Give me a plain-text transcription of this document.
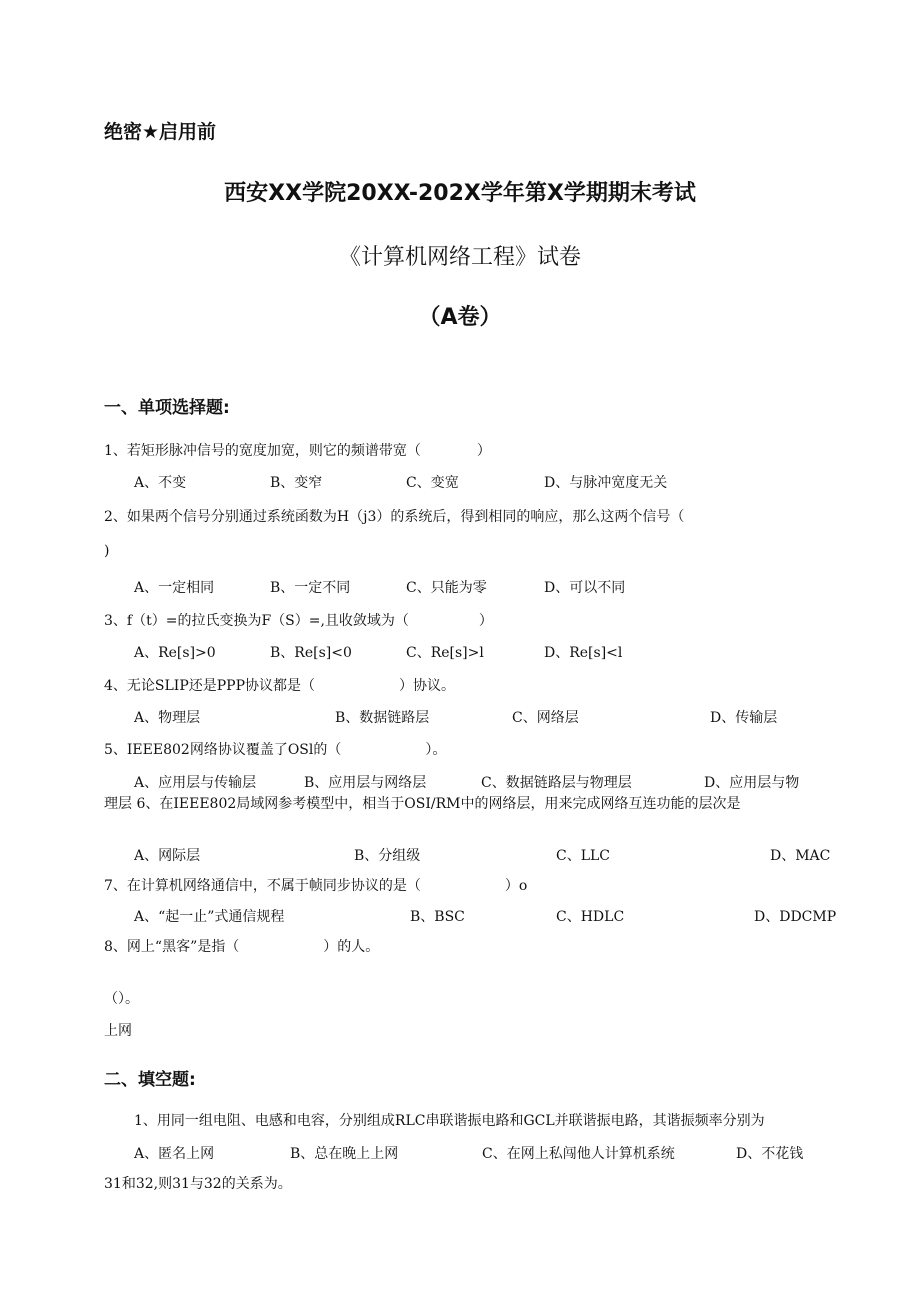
绝密★启用前
西安XX学院20XX-202X学年第X学期期末考试
《计算机网络工程》试卷
（A卷）
一、单项选择题:
1、若矩形脉冲信号的宽度加宽，则它的频谱带宽（　　　　）
A、不变	B、变窄	C、变宽	D、与脉冲宽度无关
2、如果两个信号分别通过系统函数为H（j3）的系统后，得到相同的响应，那么这两个信号（
)
A、一定相同	B、一定不同	C、只能为零	D、可以不同
3、f（t）=的拉氏变换为F（S）=,且收敛域为（　　　　　）
A、Re[s]>0	B、Re[s]<0	C、Re[s]>l	D、Re[s]<l
4、无论SLIP还是PPP协议都是（　　　　　　）协议。
A、物理层	B、数据链路层	C、网络层	D、传输层
5、IEEE802网络协议覆盖了OSl的（　　　　　　）。
A、应用层与传输层	B、应用层与网络层	C、数据链路层与物理层	D、应用层与物
理层 6、在IEEE802局域网参考模型中，相当于OSI/RM中的网络层，用来完成网络互连功能的层次是
A、网际层	B、分组级	C、LLC	D、MAC
7、在计算机网络通信中，不属于帧同步协议的是（　　　　　　）o
A、“起一止”式通信规程	B、BSC	C、HDLC	D、DDCMP
8、网上“黑客”是指（　　　　　　）的人。
（）。
上网
二、填空题:
1、用同一组电阻、电感和电容，分别组成RLC串联谐振电路和GCL并联谐振电路，其谐振频率分别为
A、匿名上网	B、总在晚上上网	C、在网上私闯他人计算机系统	D、不花钱
31和32,则31与32的关系为。
